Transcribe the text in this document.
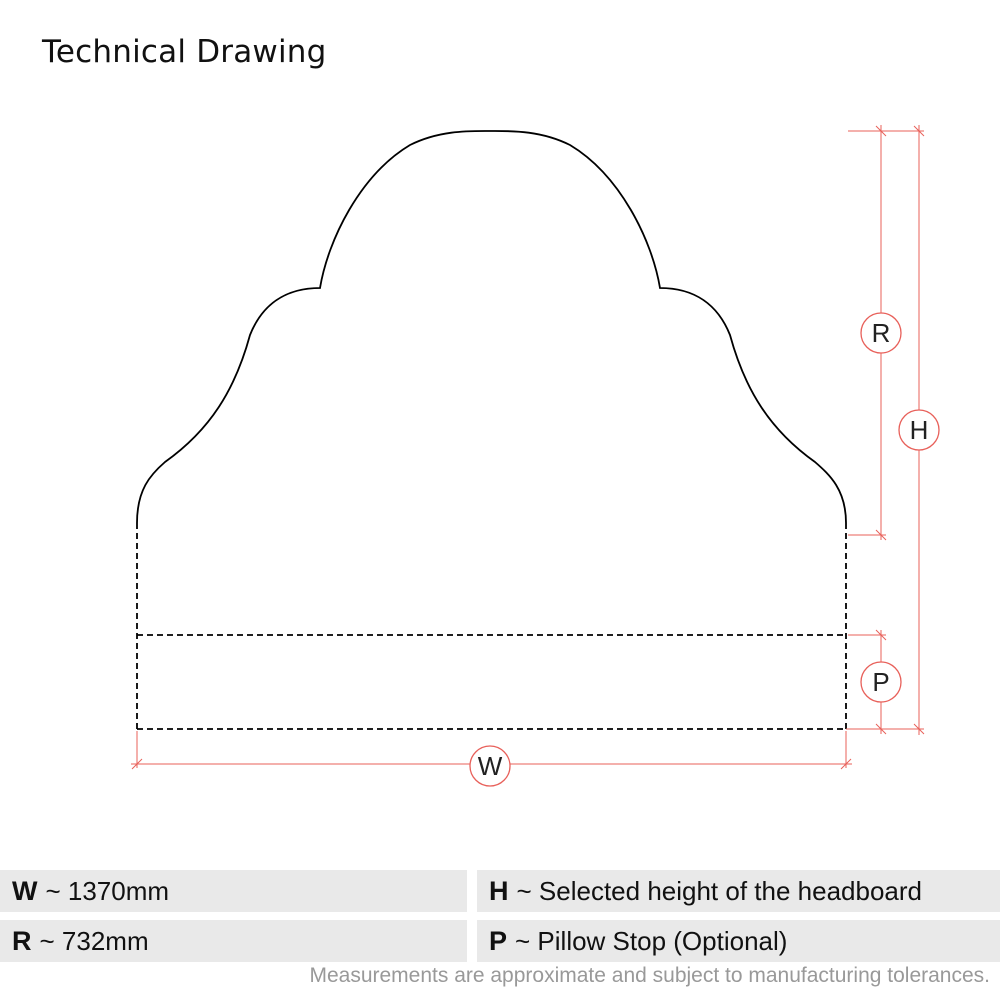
Technical Drawing
R
H
P
W
W ~ 1370mm	H ~ Selected height of the headboard
R ~ 732mm	P ~ Pillow Stop (Optional)
Measurements are approximate and subject to manufacturing tolerances.
